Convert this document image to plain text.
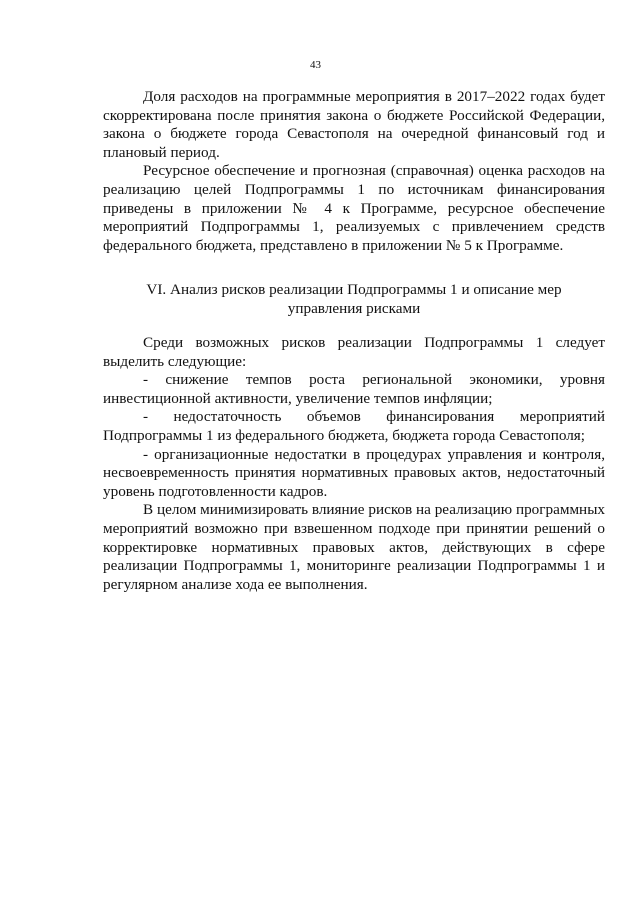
43

Доля расходов на программные мероприятия в 2017–2022 годах будет скорректирована после принятия закона о бюджете Российской Федерации, закона о бюджете города Севастополя на очередной финансовый год и плановый период.

Ресурсное обеспечение и прогнозная (справочная) оценка расходов на реализацию целей Подпрограммы 1 по источникам финансирования приведены в приложении № 4 к Программе, ресурсное обеспечение мероприятий Подпрограммы 1, реализуемых с привлечением средств федерального бюджета, представлено в приложении № 5 к Программе.

VI. Анализ рисков реализации Подпрограммы 1 и описание мер
управления рисками

Среди возможных рисков реализации Подпрограммы 1 следует выделить следующие:

- снижение темпов роста региональной экономики, уровня инвестиционной активности, увеличение темпов инфляции;

- недостаточность объемов финансирования мероприятий Подпрограммы 1 из федерального бюджета, бюджета города Севастополя;

- организационные недостатки в процедурах управления и контроля, несвоевременность принятия нормативных правовых актов, недостаточный уровень подготовленности кадров.

В целом минимизировать влияние рисков на реализацию программных мероприятий возможно при взвешенном подходе при принятии решений о корректировке нормативных правовых актов, действующих в сфере реализации Подпрограммы 1, мониторинге реализации Подпрограммы 1 и регулярном анализе хода ее выполнения.
